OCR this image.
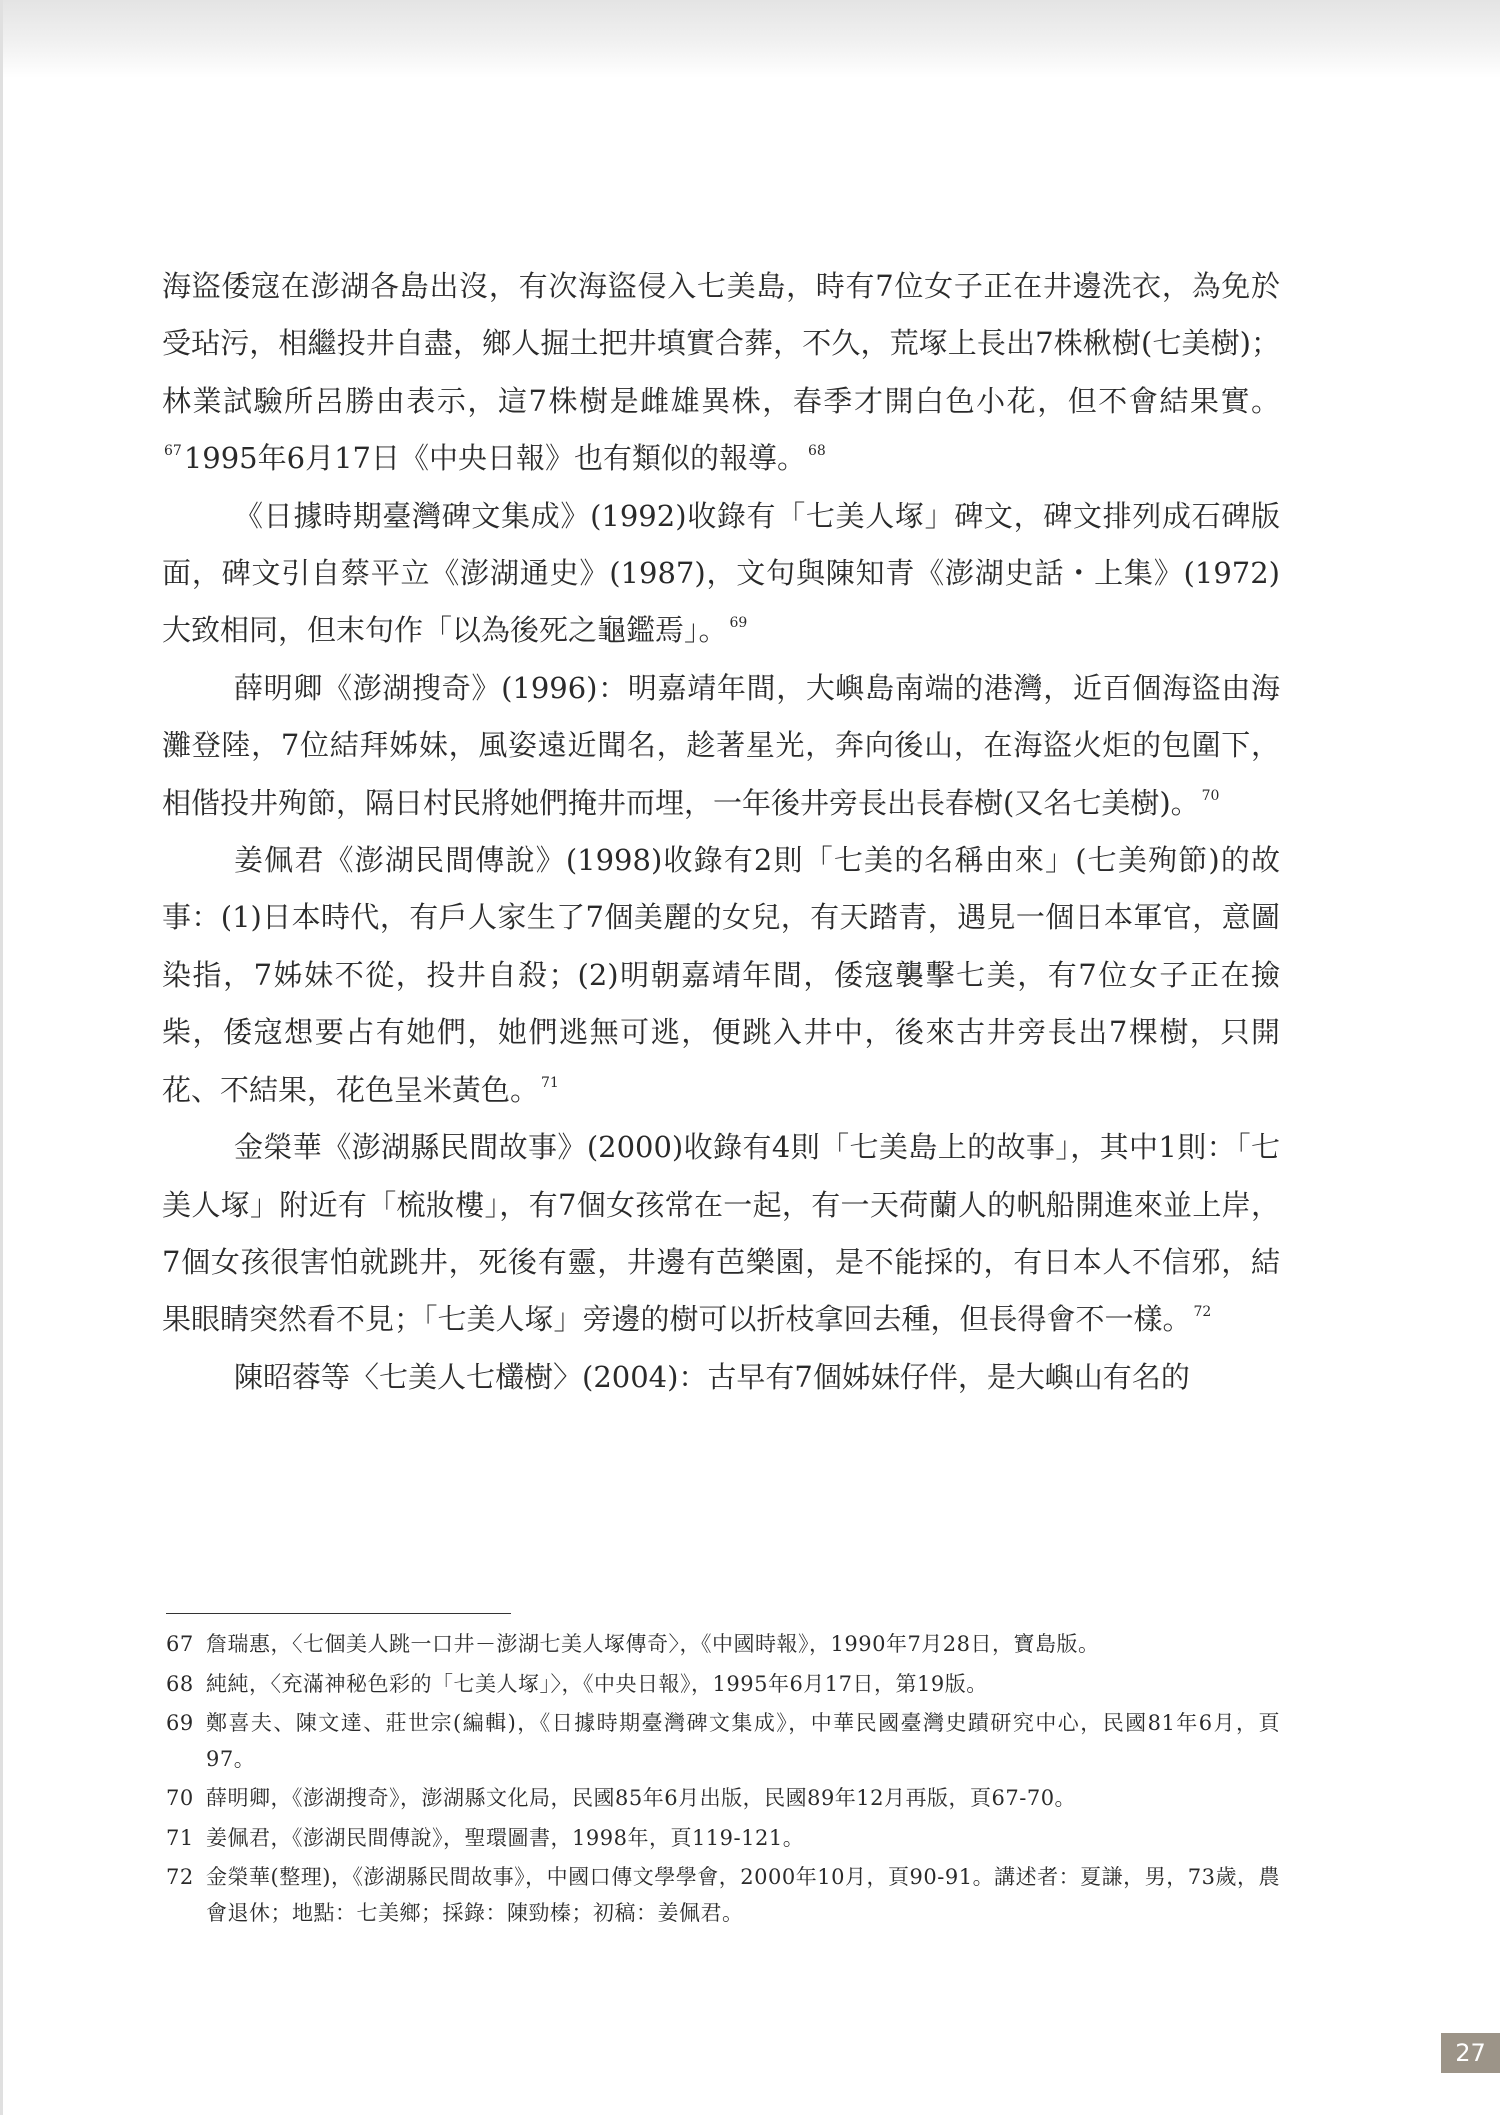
海盜倭寇在澎湖各島出沒，有次海盜侵入七美島，時有7位女子正在井邊洗衣，為免於受玷污，相繼投井自盡，鄉人掘土把井填實合葬，不久，荒塚上長出7株楸樹(七美樹)；林業試驗所呂勝由表示，這7株樹是雌雄異株，春季才開白色小花，但不會結果實。$^{67}$1995年6月17日《中央日報》也有類似的報導。 $^{68}$

《日據時期臺灣碑文集成》(1992)收錄有「七美人塚」碑文，碑文排列成石碑版面，碑文引自蔡平立《澎湖通史》(1987)，文句與陳知青《澎湖史話・上集》(1972)大致相同，但末句作「以為後死之龜鑑焉」。 $^{69}$

薛明卿《澎湖搜奇》(1996)：明嘉靖年間，大嶼島南端的港灣，近百個海盜由海灘登陸，7位結拜姊妹，風姿遠近聞名，趁著星光，奔向後山，在海盜火炬的包圍下，相偕投井殉節，隔日村民將她們掩井而埋，一年後井旁長出長春樹(又名七美樹)。 $^{70}$

姜佩君《澎湖民間傳說》(1998)收錄有2則「七美的名稱由來」(七美殉節)的故事：(1)日本時代，有戶人家生了7個美麗的女兒，有天踏青，遇見一個日本軍官，意圖染指，7姊妹不從，投井自殺；(2)明朝嘉靖年間，倭寇襲擊七美，有7位女子正在撿柴，倭寇想要占有她們，她們逃無可逃，便跳入井中，後來古井旁長出7棵樹，只開花、不結果，花色呈米黃色。 $^{71}$

金榮華《澎湖縣民間故事》(2000)收錄有4則「七美島上的故事」，其中1則：「七美人塚」附近有「梳妝樓」，有7個女孩常在一起，有一天荷蘭人的帆船開進來並上岸，7個女孩很害怕就跳井，死後有靈，井邊有芭樂園，是不能採的，有日本人不信邪，結果眼睛突然看不見；「七美人塚」旁邊的樹可以折枝拿回去種，但長得會不一樣。 $^{72}$

陳昭蓉等〈七美人七欉樹〉(2004)：古早有7個姊妹仔伴，是大嶼山有名的

67 詹瑞惠，〈七個美人跳一口井－澎湖七美人塚傳奇〉，《中國時報》，1990年7月28日，寶島版。
68 純純，〈充滿神秘色彩的「七美人塚」〉，《中央日報》，1995年6月17日，第19版。
69 鄭喜夫、陳文達、莊世宗(編輯)，《日據時期臺灣碑文集成》，中華民國臺灣史蹟研究中心，民國81年6月，頁97。
70 薛明卿，《澎湖搜奇》，澎湖縣文化局，民國85年6月出版，民國89年12月再版，頁67-70。
71 姜佩君，《澎湖民間傳說》，聖環圖書，1998年，頁119-121。
72 金榮華(整理)，《澎湖縣民間故事》，中國口傳文學學會，2000年10月，頁90-91。講述者：夏謙，男，73歲，農會退休；地點：七美鄉；採錄：陳勁榛；初稿：姜佩君。
27
